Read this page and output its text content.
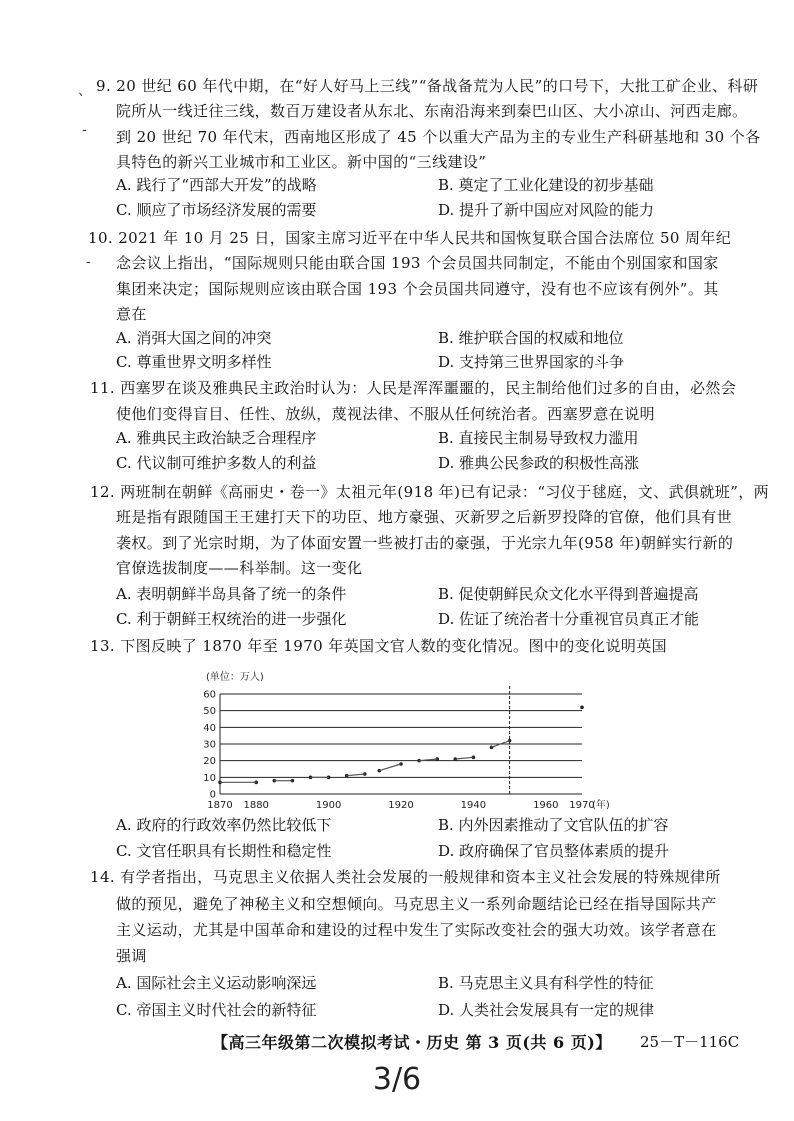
、
-
-
9. 20 世纪 60 年代中期，在“好人好马上三线”“备战备荒为人民”的口号下，大批工矿企业、科研
院所从一线迁往三线，数百万建设者从东北、东南沿海来到秦巴山区、大小凉山、河西走廊。
到 20 世纪 70 年代末，西南地区形成了 45 个以重大产品为主的专业生产科研基地和 30 个各
具特色的新兴工业城市和工业区。新中国的“三线建设”
A. 践行了“西部大开发”的战略	B. 奠定了工业化建设的初步基础
C. 顺应了市场经济发展的需要	D. 提升了新中国应对风险的能力
10. 2021 年 10 月 25 日，国家主席习近平在中华人民共和国恢复联合国合法席位 50 周年纪
念会议上指出，“国际规则只能由联合国 193 个会员国共同制定，不能由个别国家和国家
集团来决定；国际规则应该由联合国 193 个会员国共同遵守，没有也不应该有例外”。其
意在
A. 消弭大国之间的冲突	B. 维护联合国的权威和地位
C. 尊重世界文明多样性	D. 支持第三世界国家的斗争
11. 西塞罗在谈及雅典民主政治时认为：人民是浑浑噩噩的，民主制给他们过多的自由，必然会
使他们变得盲目、任性、放纵，蔑视法律、不服从任何统治者。西塞罗意在说明
A. 雅典民主政治缺乏合理程序	B. 直接民主制易导致权力滥用
C. 代议制可维护多数人的利益	D. 雅典公民参政的积极性高涨
12. 两班制在朝鲜《高丽史・卷一》太祖元年(918 年)已有记录：“习仪于毬庭，文、武俱就班”，两
班是指有跟随国王王建打天下的功臣、地方豪强、灭新罗之后新罗投降的官僚，他们具有世
袭权。到了光宗时期，为了体面安置一些被打击的豪强，于光宗九年(958 年)朝鲜实行新的
官僚选拔制度——科举制。这一变化
A. 表明朝鲜半岛具备了统一的条件	B. 促使朝鲜民众文化水平得到普遍提高
C. 利于朝鲜王权统治的进一步强化	D. 佐证了统治者十分重视官员真正才能
13. 下图反映了 1870 年至 1970 年英国文官人数的变化情况。图中的变化说明英国
(单位：万人)
0
10
20
30
40
50
60
1870 1880	1900	1920	1940	1960 1970
(年)
A. 政府的行政效率仍然比较低下	B. 内外因素推动了文官队伍的扩容
C. 文官任职具有长期性和稳定性	D. 政府确保了官员整体素质的提升
14. 有学者指出，马克思主义依据人类社会发展的一般规律和资本主义社会发展的特殊规律所
做的预见，避免了神秘主义和空想倾向。马克思主义一系列命题结论已经在指导国际共产
主义运动，尤其是中国革命和建设的过程中发生了实际改变社会的强大功效。该学者意在
强调
A. 国际社会主义运动影响深远	B. 马克思主义具有科学性的特征
C. 帝国主义时代社会的新特征	D. 人类社会发展具有一定的规律
【高三年级第二次模拟考试・历史 第 3 页(共 6 页)】 25－T－116C
3/6
